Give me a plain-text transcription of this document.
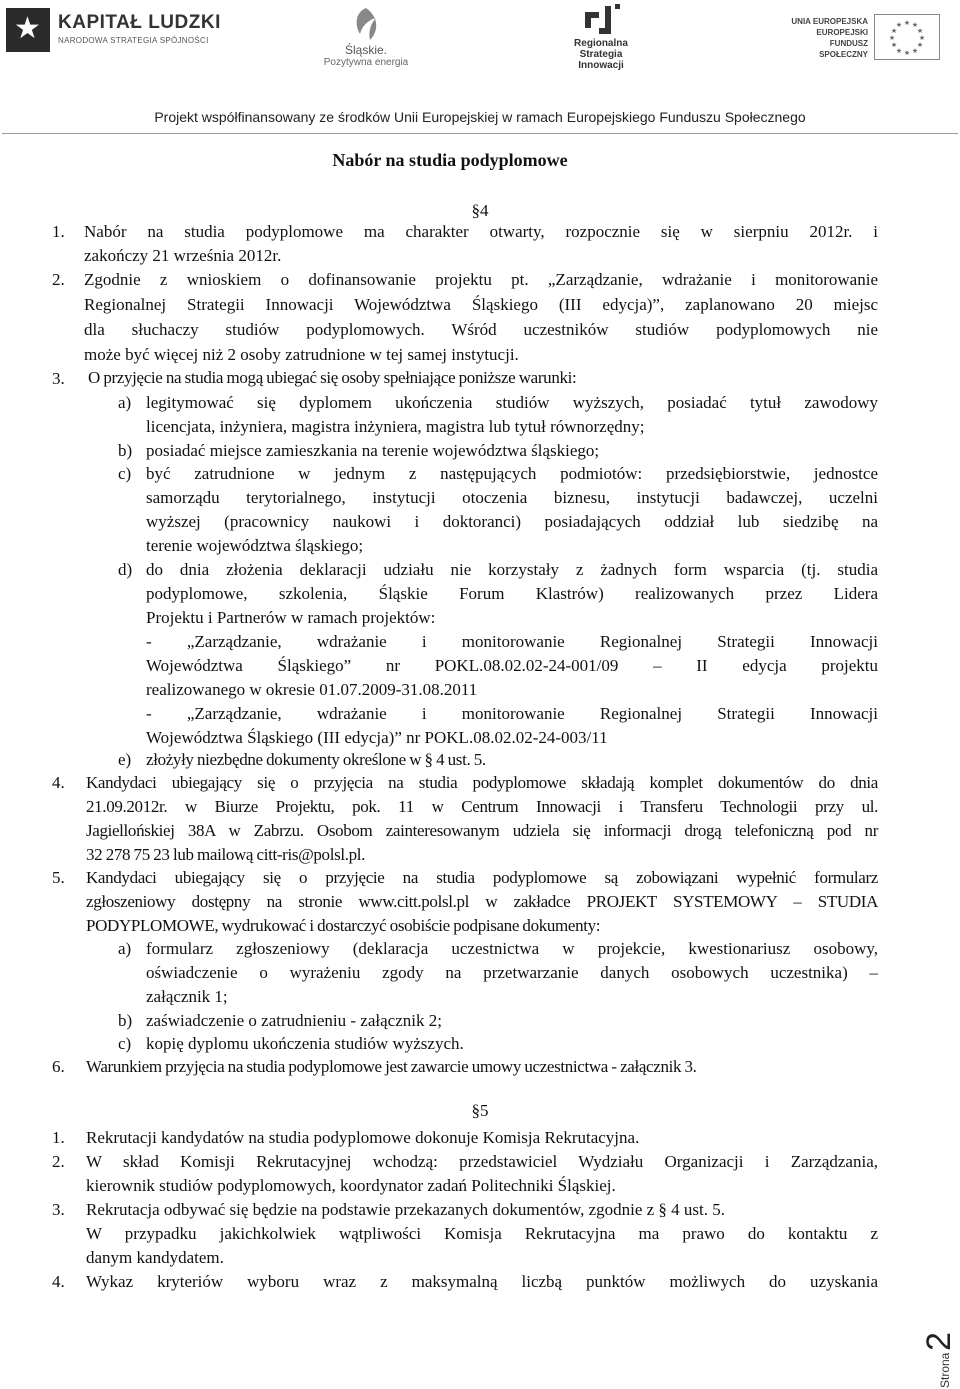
★ KAPITAŁ LUDZKI
NARODOWA STRATEGIA SPÓJNOŚCI
Śląskie.
Pozytywna energia
Regionalna
Strategia
Innowacji
UNIA EUROPEJSKA
EUROPEJSKI
FUNDUSZ SPOŁECZNY
★ ★
★
★
★
★
★
★
★
★
★
★
Projekt współfinansowany ze środków Unii Europejskiej w ramach Europejskiego Funduszu Społecznego
Nabór na studia podyplomowe
§4
1. Nabór na studia podyplomowe ma charakter otwarty, rozpocznie się w sierpniu 2012r. i
zakończy 21 września 2012r.
2. Zgodnie z wnioskiem o dofinansowanie projektu pt. „Zarządzanie, wdrażanie i monitorowanie
Regionalnej Strategii Innowacji Województwa Śląskiego (III edycja)”, zaplanowano 20 miejsc
dla słuchaczy studiów podyplomowych. Wśród uczestników studiów podyplomowych nie
może być więcej niż 2 osoby zatrudnione w tej samej instytucji.
3. O przyjęcie na studia mogą ubiegać się osoby spełniające poniższe warunki:
a) legitymować się dyplomem ukończenia studiów wyższych, posiadać tytuł zawodowy
licencjata, inżyniera, magistra inżyniera, magistra lub tytuł równorzędny;
b) posiadać miejsce zamieszkania na terenie województwa śląskiego;
c) być zatrudnione w jednym z następujących podmiotów: przedsiębiorstwie, jednostce
samorządu terytorialnego, instytucji otoczenia biznesu, instytucji badawczej, uczelni
wyższej (pracownicy naukowi i doktoranci) posiadających oddział lub siedzibę na
terenie województwa śląskiego;
d) do dnia złożenia deklaracji udziału nie korzystały z żadnych form wsparcia (tj. studia
podyplomowe, szkolenia, Śląskie Forum Klastrów) realizowanych przez Lidera
Projektu i Partnerów w ramach projektów:
- „Zarządzanie, wdrażanie i monitorowanie Regionalnej Strategii Innowacji
Województwa Śląskiego” nr POKL.08.02.02-24-001/09 – II edycja projektu
realizowanego w okresie 01.07.2009-31.08.2011
- „Zarządzanie, wdrażanie i monitorowanie Regionalnej Strategii Innowacji
Województwa Śląskiego (III edycja)” nr POKL.08.02.02-24-003/11
e) złożyły niezbędne dokumenty określone w § 4 ust. 5.
4. Kandydaci ubiegający się o przyjęcia na studia podyplomowe składają komplet dokumentów do dnia
21.09.2012r. w Biurze Projektu, pok. 11 w Centrum Innowacji i Transferu Technologii przy ul.
Jagiellońskiej 38A w Zabrzu. Osobom zainteresowanym udziela się informacji drogą telefoniczną pod nr
32 278 75 23 lub mailową citt-ris@polsl.pl.
5. Kandydaci ubiegający się o przyjęcie na studia podyplomowe są zobowiązani wypełnić formularz
zgłoszeniowy dostępny na stronie www.citt.polsl.pl w zakładce PROJEKT SYSTEMOWY – STUDIA
PODYPLOMOWE, wydrukować i dostarczyć osobiście podpisane dokumenty:
a) formularz zgłoszeniowy (deklaracja uczestnictwa w projekcie, kwestionariusz osobowy,
oświadczenie o wyrażeniu zgody na przetwarzanie danych osobowych uczestnika) –
załącznik 1;
b) zaświadczenie o zatrudnieniu - załącznik 2;
c) kopię dyplomu ukończenia studiów wyższych.
6. Warunkiem przyjęcia na studia podyplomowe jest zawarcie umowy uczestnictwa - załącznik 3.
§5
1. Rekrutacji kandydatów na studia podyplomowe dokonuje Komisja Rekrutacyjna.
2. W skład Komisji Rekrutacyjnej wchodzą: przedstawiciel Wydziału Organizacji i Zarządzania,
kierownik studiów podyplomowych, koordynator zadań Politechniki Śląskiej.
3. Rekrutacja odbywać się będzie na podstawie przekazanych dokumentów, zgodnie z § 4 ust. 5.
W przypadku jakichkolwiek wątpliwości Komisja Rekrutacyjna ma prawo do kontaktu z
danym kandydatem.
4. Wykaz kryteriów wyboru wraz z maksymalną liczbą punktów możliwych do uzyskania
Strona
2
